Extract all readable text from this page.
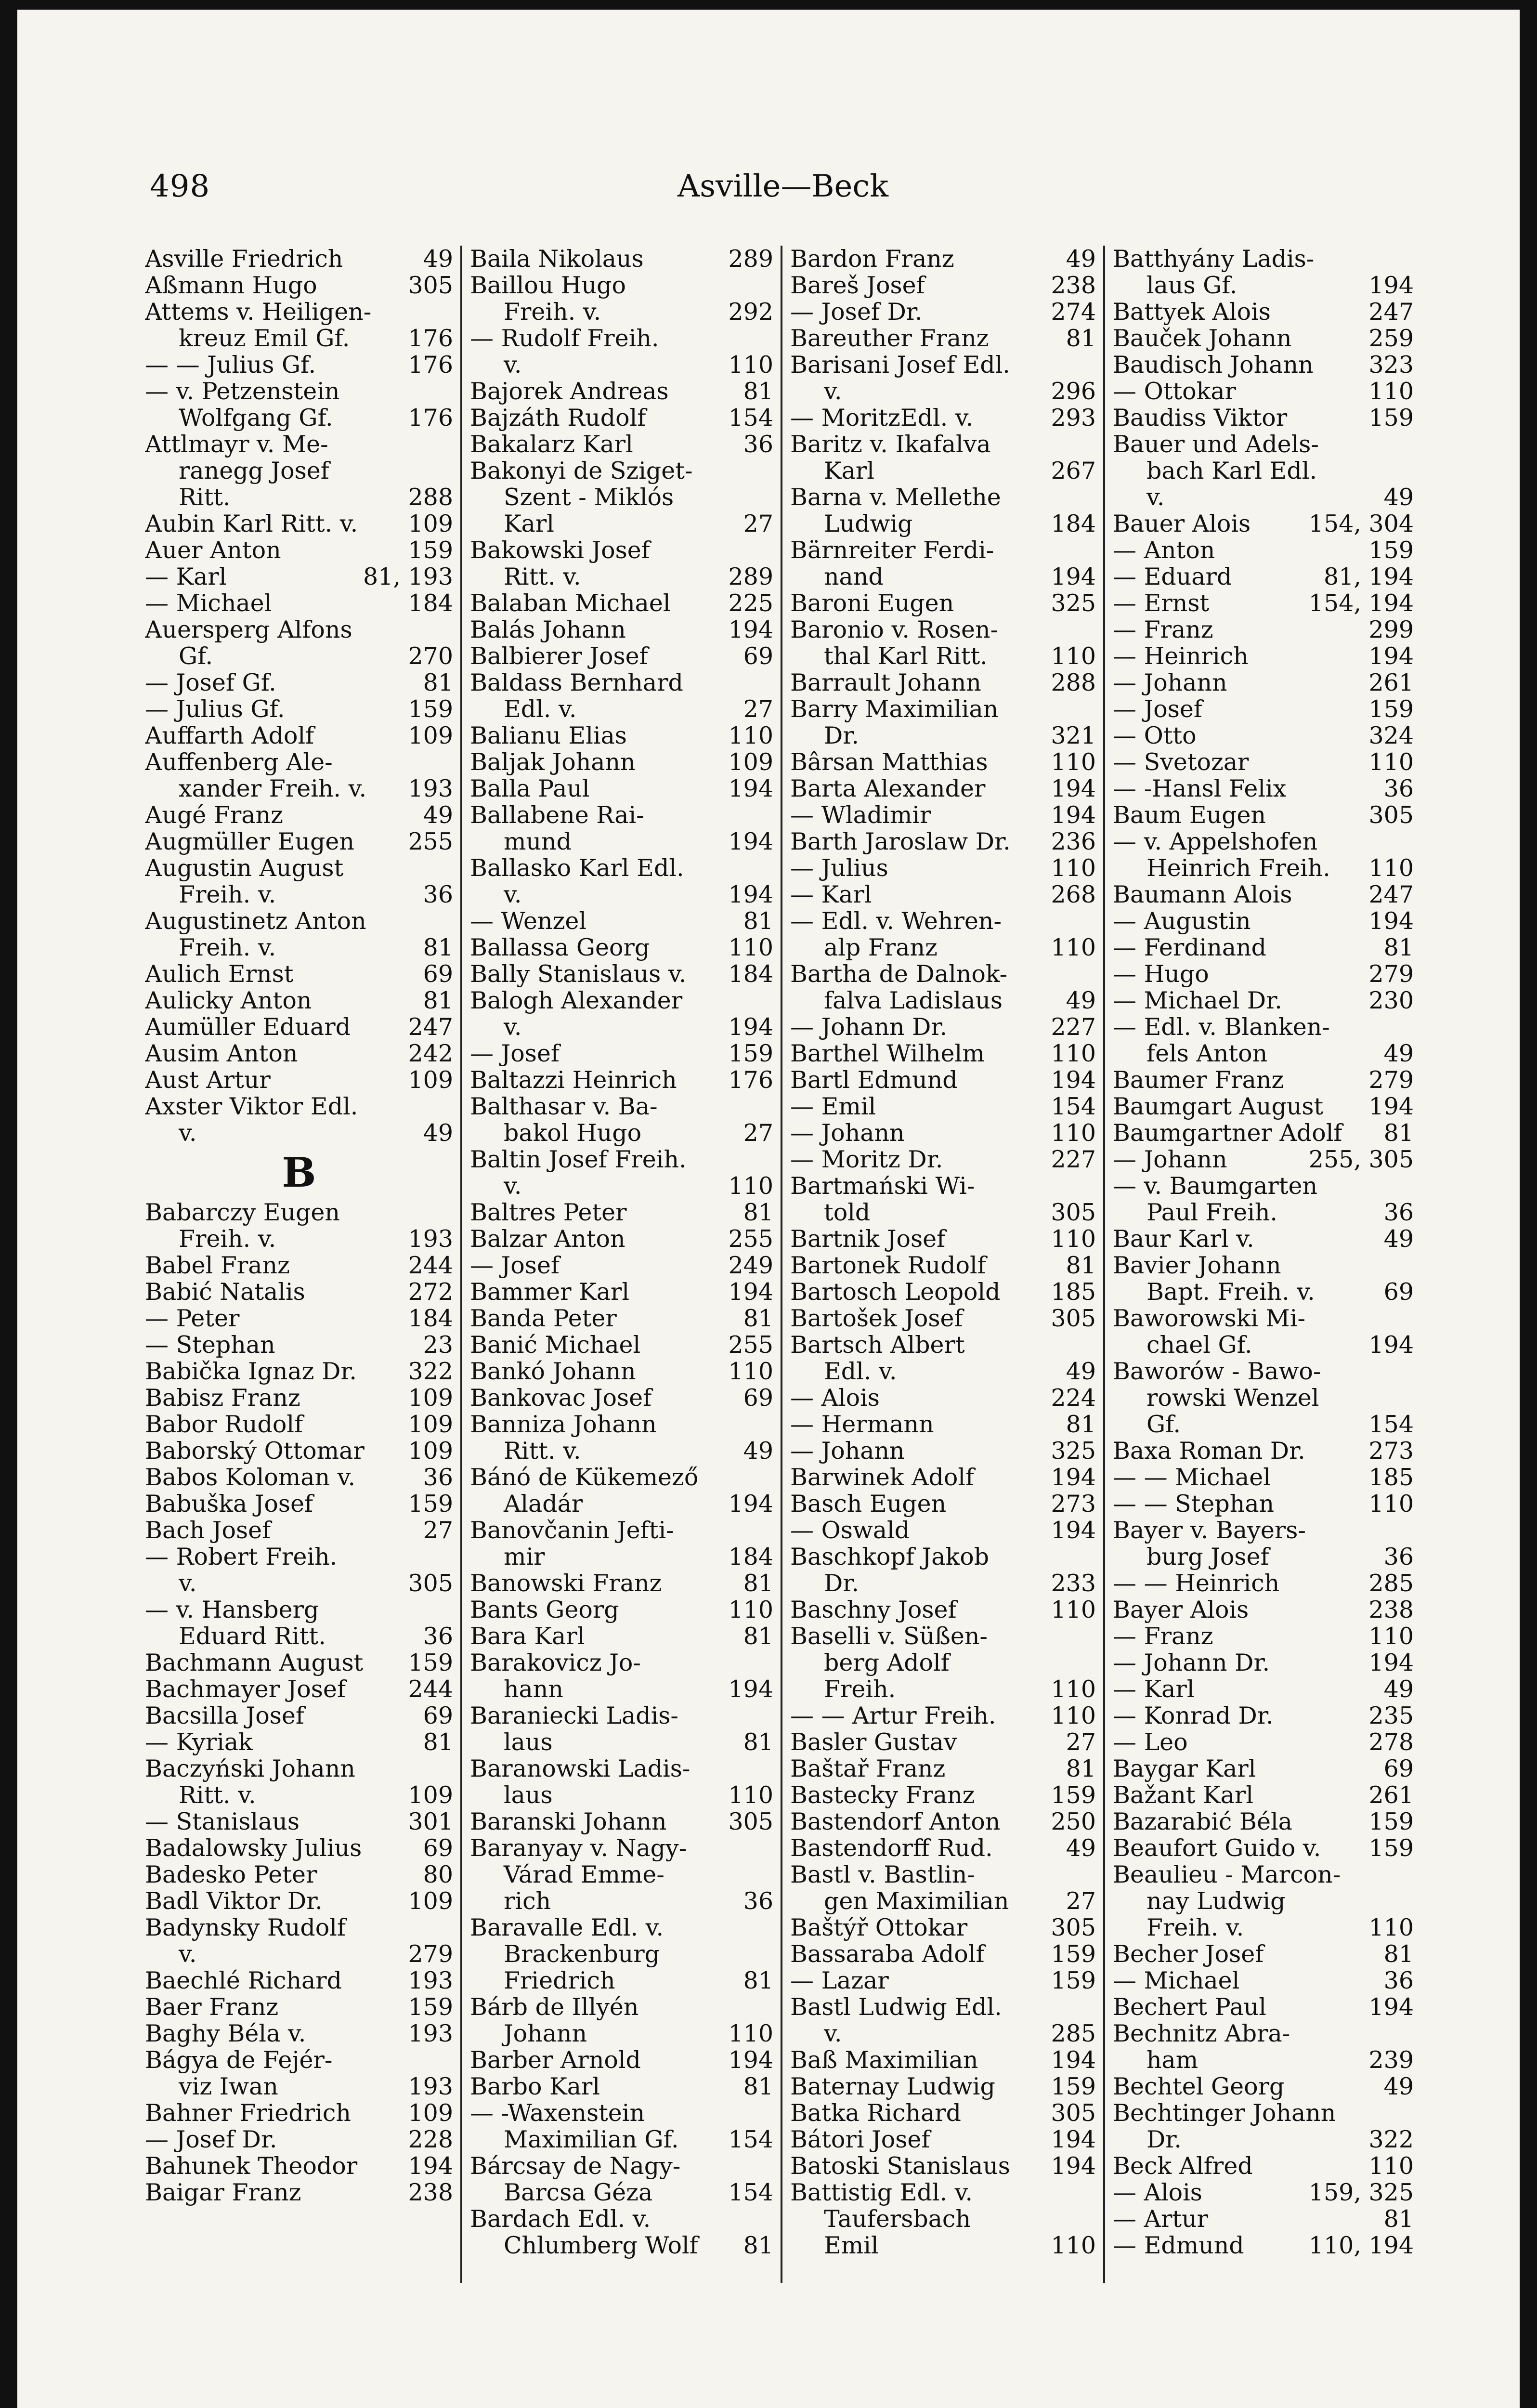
498	Asville—Beck
Asville Friedrich	49
Aßmann Hugo	305
Attems v. Heiligen-
kreuz Emil Gf.	176
— — Julius Gf.	176
— v. Petzenstein
Wolfgang Gf.	176
Attlmayr v. Me-
ranegg Josef
Ritt.	288
Aubin Karl Ritt. v.	109
Auer Anton	159
— Karl	81, 193
— Michael	184
Auersperg Alfons
Gf.	270
— Josef Gf.	81
— Julius Gf.	159
Auffarth Adolf	109
Auffenberg Ale-
xander Freih. v.	193
Augé Franz	49
Augmüller Eugen	255
Augustin August
Freih. v.	36
Augustinetz Anton
Freih. v.	81
Aulich Ernst	69
Aulicky Anton	81
Aumüller Eduard	247
Ausim Anton	242
Aust Artur	109
Axster Viktor Edl.
v.	49
B
Babarczy Eugen
Freih. v.	193
Babel Franz	244
Babić Natalis	272
— Peter	184
— Stephan	23
Babička Ignaz Dr.	322
Babisz Franz	109
Babor Rudolf	109
Baborský Ottomar	109
Babos Koloman v.	36
Babuška Josef	159
Bach Josef	27
— Robert Freih.
v.	305
— v. Hansberg
Eduard Ritt.	36
Bachmann August	159
Bachmayer Josef	244
Bacsilla Josef	69
— Kyriak	81
Baczyński Johann
Ritt. v.	109
— Stanislaus	301
Badalowsky Julius	69
Badesko Peter	80
Badl Viktor Dr.	109
Badynsky Rudolf
v.	279
Baechlé Richard	193
Baer Franz	159
Baghy Béla v.	193
Bágya de Fejér-
viz Iwan	193
Bahner Friedrich	109
— Josef Dr.	228
Bahunek Theodor	194
Baigar Franz	238
Baila Nikolaus	289
Baillou Hugo
Freih. v.	292
— Rudolf Freih.
v.	110
Bajorek Andreas	81
Bajzáth Rudolf	154
Bakalarz Karl	36
Bakonyi de Sziget-
Szent - Miklós
Karl	27
Bakowski Josef
Ritt. v.	289
Balaban Michael	225
Balás Johann	194
Balbierer Josef	69
Baldass Bernhard
Edl. v.	27
Balianu Elias	110
Baljak Johann	109
Balla Paul	194
Ballabene Rai-
mund	194
Ballasko Karl Edl.
v.	194
— Wenzel	81
Ballassa Georg	110
Bally Stanislaus v.	184
Balogh Alexander
v.	194
— Josef	159
Baltazzi Heinrich	176
Balthasar v. Ba-
bakol Hugo	27
Baltin Josef Freih.
v.	110
Baltres Peter	81
Balzar Anton	255
— Josef	249
Bammer Karl	194
Banda Peter	81
Banić Michael	255
Bankó Johann	110
Bankovac Josef	69
Banniza Johann
Ritt. v.	49
Bánó de Kükemező
Aladár	194
Banovčanin Jefti-
mir	184
Banowski Franz	81
Bants Georg	110
Bara Karl	81
Barakovicz Jo-
hann	194
Baraniecki Ladis-
laus	81
Baranowski Ladis-
laus	110
Baranski Johann	305
Baranyay v. Nagy-
Várad Emme-
rich	36
Baravalle Edl. v.
Brackenburg
Friedrich	81
Bárb de Illyén
Johann	110
Barber Arnold	194
Barbo Karl	81
— -Waxenstein
Maximilian Gf.	154
Bárcsay de Nagy-
Barcsa Géza	154
Bardach Edl. v.
Chlumberg Wolf	81
Bardon Franz	49
Bareš Josef	238
— Josef Dr.	274
Bareuther Franz	81
Barisani Josef Edl.
v.	296
— MoritzEdl. v.	293
Baritz v. Ikafalva
Karl	267
Barna v. Mellethe
Ludwig	184
Bärnreiter Ferdi-
nand	194
Baroni Eugen	325
Baronio v. Rosen-
thal Karl Ritt.	110
Barrault Johann	288
Barry Maximilian
Dr.	321
Bârsan Matthias	110
Barta Alexander	194
— Wladimir	194
Barth Jaroslaw Dr.	236
— Julius	110
— Karl	268
— Edl. v. Wehren-
alp Franz	110
Bartha de Dalnok-
falva Ladislaus	49
— Johann Dr.	227
Barthel Wilhelm	110
Bartl Edmund	194
— Emil	154
— Johann	110
— Moritz Dr.	227
Bartmański Wi-
told	305
Bartnik Josef	110
Bartonek Rudolf	81
Bartosch Leopold	185
Bartošek Josef	305
Bartsch Albert
Edl. v.	49
— Alois	224
— Hermann	81
— Johann	325
Barwinek Adolf	194
Basch Eugen	273
— Oswald	194
Baschkopf Jakob
Dr.	233
Baschny Josef	110
Baselli v. Süßen-
berg Adolf
Freih.	110
— — Artur Freih.	110
Basler Gustav	27
Baštař Franz	81
Bastecky Franz	159
Bastendorf Anton	250
Bastendorff Rud.	49
Bastl v. Bastlin-
gen Maximilian	27
Baštýř Ottokar	305
Bassaraba Adolf	159
— Lazar	159
Bastl Ludwig Edl.
v.	285
Baß Maximilian	194
Baternay Ludwig	159
Batka Richard	305
Bátori Josef	194
Batoski Stanislaus	194
Battistig Edl. v.
Taufersbach
Emil	110
Batthyány Ladis-
laus Gf.	194
Battyek Alois	247
Bauček Johann	259
Baudisch Johann	323
— Ottokar	110
Baudiss Viktor	159
Bauer und Adels-
bach Karl Edl.
v.	49
Bauer Alois	154, 304
— Anton	159
— Eduard	81, 194
— Ernst	154, 194
— Franz	299
— Heinrich	194
— Johann	261
— Josef	159
— Otto	324
— Svetozar	110
— -Hansl Felix	36
Baum Eugen	305
— v. Appelshofen
Heinrich Freih.	110
Baumann Alois	247
— Augustin	194
— Ferdinand	81
— Hugo	279
— Michael Dr.	230
— Edl. v. Blanken-
fels Anton	49
Baumer Franz	279
Baumgart August	194
Baumgartner Adolf	81
— Johann	255, 305
— v. Baumgarten
Paul Freih.	36
Baur Karl v.	49
Bavier Johann
Bapt. Freih. v.	69
Baworowski Mi-
chael Gf.	194
Baworów - Bawo-
rowski Wenzel
Gf.	154
Baxa Roman Dr.	273
— — Michael	185
— — Stephan	110
Bayer v. Bayers-
burg Josef	36
— — Heinrich	285
Bayer Alois	238
— Franz	110
— Johann Dr.	194
— Karl	49
— Konrad Dr.	235
— Leo	278
Baygar Karl	69
Bažant Karl	261
Bazarabić Béla	159
Beaufort Guido v.	159
Beaulieu - Marcon-
nay Ludwig
Freih. v.	110
Becher Josef	81
— Michael	36
Bechert Paul	194
Bechnitz Abra-
ham	239
Bechtel Georg	49
Bechtinger Johann
Dr.	322
Beck Alfred	110
— Alois	159, 325
— Artur	81
— Edmund	110, 194
